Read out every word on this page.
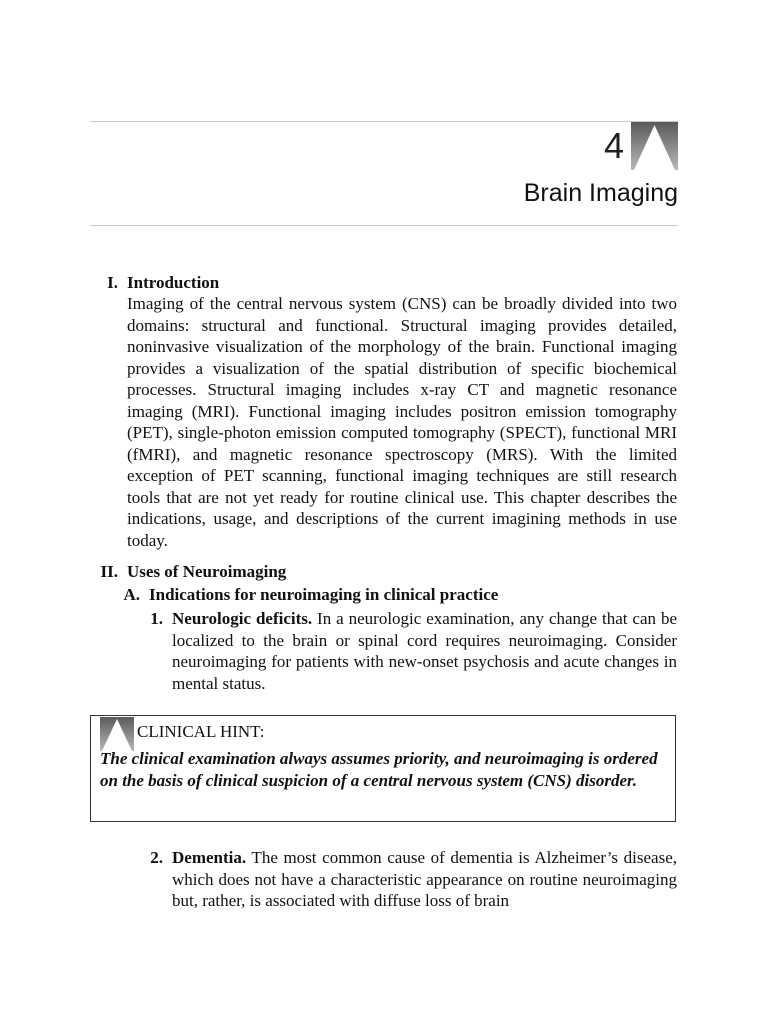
4
Brain Imaging
I. Introduction

Imaging of the central nervous system (CNS) can be broadly divided into two domains: structural and functional. Structural imaging provides detailed, noninvasive visualization of the morphology of the brain. Functional imaging provides a visualization of the spatial distribution of specific biochemical processes. Structural imaging includes x-ray CT and magnetic resonance imaging (MRI). Functional imaging includes positron emission tomography (PET), single-photon emission computed tomography (SPECT), functional MRI (fMRI), and magnetic resonance spectroscopy (MRS). With the limited exception of PET scanning, functional imaging techniques are still research tools that are not yet ready for routine clinical use. This chapter describes the indications, usage, and descriptions of the current imagining methods in use today.

II. Uses of Neuroimaging
A. Indications for neuroimaging in clinical practice
1. Neurologic deficits. In a neurologic examination, any change that can be localized to the brain or spinal cord requires neuroimaging. Consider neuroimaging for patients with new-onset psychosis and acute changes in mental status.

CLINICAL HINT:

The clinical examination always assumes priority, and neuroimaging is ordered on the basis of clinical suspicion of a central nervous system (CNS) disorder.

2. Dementia. The most common cause of dementia is Alzheimer’s disease, which does not have a characteristic appearance on routine neuroimaging but, rather, is associated with diffuse loss of brain
